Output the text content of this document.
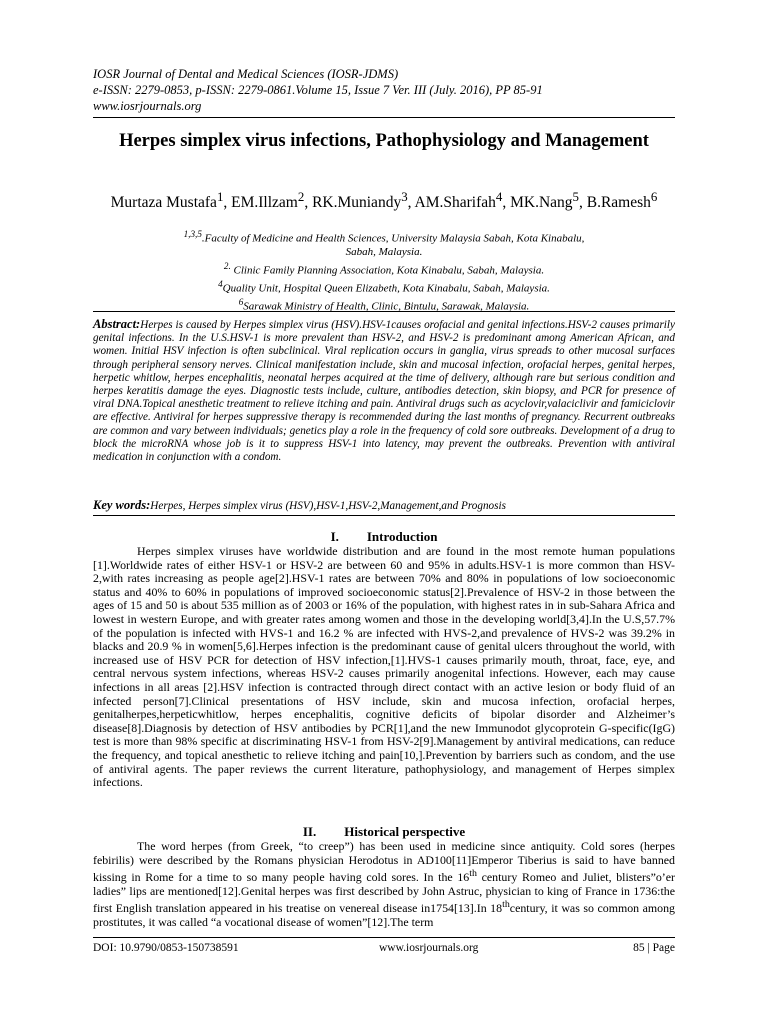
IOSR Journal of Dental and Medical Sciences (IOSR-JDMS)
e-ISSN: 2279-0853, p-ISSN: 2279-0861.Volume 15, Issue 7 Ver. III (July. 2016), PP 85-91
www.iosrjournals.org
Herpes simplex virus infections, Pathophysiology and Management
Murtaza Mustafa$^1$, EM.Illzam$^2$, RK.Muniandy$^3$, AM.Sharifah$^4$, MK.Nang$^5$, B.Ramesh$^6$
$^{1,3,5}$.Faculty of Medicine and Health Sciences, University Malaysia Sabah, Kota Kinabalu,
Sabah, Malaysia.
$^{2.}$ Clinic Family Planning Association, Kota Kinabalu, Sabah, Malaysia.
$^4$Quality Unit, Hospital Queen Elizabeth, Kota Kinabalu, Sabah, Malaysia.
$^6$Sarawak Ministry of Health, Clinic, Bintulu, Sarawak, Malaysia.
Abstract:Herpes is caused by Herpes simplex virus (HSV).HSV-1causes orofacial and genital infections.HSV-2 causes primarily genital infections. In the U.S.HSV-1 is more prevalent than HSV-2, and HSV-2 is predominant among American African, and women. Initial HSV infection is often subclinical. Viral replication occurs in ganglia, virus spreads to other mucosal surfaces through peripheral sensory nerves. Clinical manifestation include, skin and mucosal infection, orofacial herpes, genital herpes, herpetic whitlow, herpes encephalitis, neonatal herpes acquired at the time of delivery, although rare but serious condition and herpes keratitis damage the eyes. Diagnostic tests include, culture, antibodies detection, skin biopsy, and PCR for presence of viral DNA.Topical anesthetic treatment to relieve itching and pain. Antiviral drugs such as acyclovir,valaciclivir and famiciclovir are effective. Antiviral for herpes suppressive therapy is recommended during the last months of pregnancy. Recurrent outbreaks are common and vary between individuals; genetics play a role in the frequency of cold sore outbreaks. Development of a drug to block the microRNA whose job is it to suppress HSV-1 into latency, may prevent the outbreaks. Prevention with antiviral medication in conjunction with a condom.
Key words:Herpes, Herpes simplex virus (HSV),HSV-1,HSV-2,Management,and Prognosis
I. Introduction
Herpes simplex viruses have worldwide distribution and are found in the most remote human populations [1].Worldwide rates of either HSV-1 or HSV-2 are between 60 and 95% in adults.HSV-1 is more common than HSV-2,with rates increasing as people age[2].HSV-1 rates are between 70% and 80% in populations of low socioeconomic status and 40% to 60% in populations of improved socioeconomic status[2].Prevalence of HSV-2 in those between the ages of 15 and 50 is about 535 million as of 2003 or 16% of the population, with highest rates in in sub-Sahara Africa and lowest in western Europe, and with greater rates among women and those in the developing world[3,4].In the U.S,57.7% of the population is infected with HVS-1 and 16.2 % are infected with HVS-2,and prevalence of HVS-2 was 39.2% in blacks and 20.9 % in women[5,6].Herpes infection is the predominant cause of genital ulcers throughout the world, with increased use of HSV PCR for detection of HSV infection,[1].HVS-1 causes primarily mouth, throat, face, eye, and central nervous system infections, whereas HSV-2 causes primarily anogenital infections. However, each may cause infections in all areas [2].HSV infection is contracted through direct contact with an active lesion or body fluid of an infected person[7].Clinical presentations of HSV include, skin and mucosa infection, orofacial herpes, genitalherpes,herpeticwhitlow, herpes encephalitis, cognitive deficits of bipolar disorder and Alzheimer’s disease[8].Diagnosis by detection of HSV antibodies by PCR[1],and the new Immunodot glycoprotein G-specific(IgG) test is more than 98% specific at discriminating HSV-1 from HSV-2[9].Management by antiviral medications, can reduce the frequency, and topical anesthetic to relieve itching and pain[10,].Prevention by barriers such as condom, and the use of antiviral agents. The paper reviews the current literature, pathophysiology, and management of Herpes simplex infections.
II. Historical perspective
The word herpes (from Greek, “to creep”) has been used in medicine since antiquity. Cold sores (herpes febirilis) were described by the Romans physician Herodotus in AD100[11]Emperor Tiberius is said to have banned kissing in Rome for a time to so many people having cold sores. In the 16th century Romeo and Juliet, blisters”o’er ladies” lips are mentioned[12].Genital herpes was first described by John Astruc, physician to king of France in 1736:the first English translation appeared in his treatise on venereal disease in1754[13].In 18thcentury, it was so common among prostitutes, it was called “a vocational disease of women”[12].The term
DOI: 10.9790/0853-150738591	www.iosrjournals.org	85 | Page
